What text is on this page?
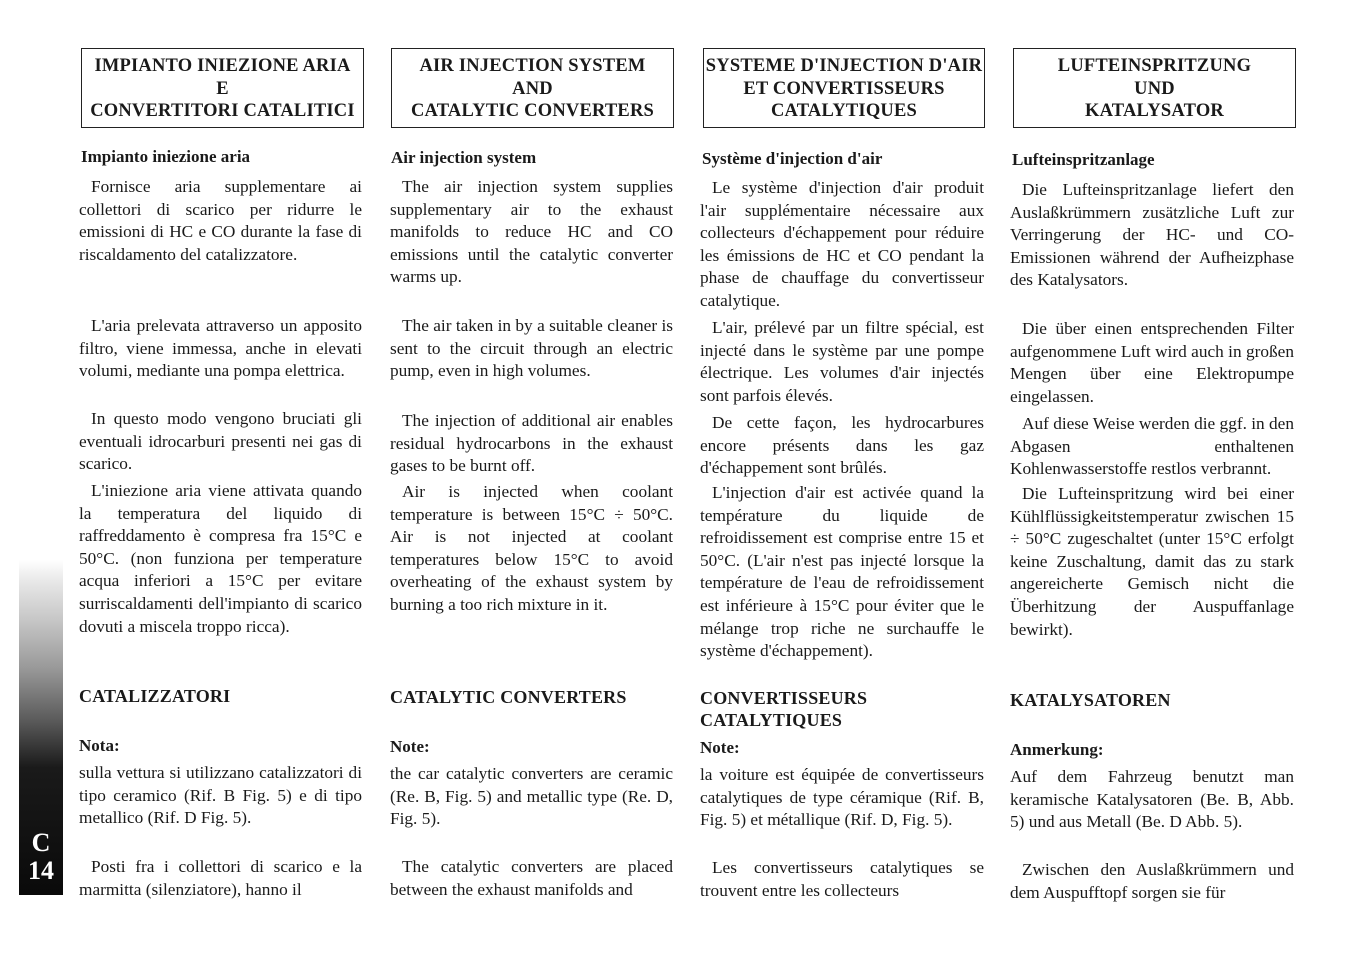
C
14
IMPIANTO INIEZIONE ARIA
E
CONVERTITORI CATALITICI
Impianto iniezione aria

Fornisce aria supplementare ai collettori di scarico per ridurre le emissioni di HC e CO durante la fase di riscaldamento del catalizzatore.

L'aria prelevata attraverso un apposito filtro, viene immessa, anche in elevati volumi, mediante una pompa elettrica.

In questo modo vengono bruciati gli eventuali idrocarburi presenti nei gas di scarico.

L'iniezione aria viene attivata quando la temperatura del liquido di raffreddamento è compresa fra 15°C e 50°C. (non funziona per temperature acqua inferiori a 15°C per evitare surriscaldamenti dell'impianto di scarico dovuti a miscela troppo ricca).

CATALIZZATORI
Nota:

sulla vettura si utilizzano catalizzatori di tipo ceramico (Rif. B Fig. 5) e di tipo metallico (Rif. D Fig. 5).

Posti fra i collettori di scarico e la marmitta (silenziatore), hanno il

AIR INJECTION SYSTEM
AND
CATALYTIC CONVERTERS
Air injection system

The air injection system supplies supplementary air to the exhaust manifolds to reduce HC and CO emissions until the catalytic converter warms up.

The air taken in by a suitable cleaner is sent to the circuit through an electric pump, even in high volumes.

The injection of additional air enables residual hydrocarbons in the exhaust gases to be burnt off.

Air is injected when coolant temperature is between 15°C ÷ 50°C. Air is not injected at coolant temperatures below 15°C to avoid overheating of the exhaust system by burning a too rich mixture in it.

CATALYTIC CONVERTERS
Note:

the car catalytic converters are ceramic (Re. B, Fig. 5) and metallic type (Re. D, Fig. 5).

The catalytic converters are placed between the exhaust manifolds and

SYSTEME D'INJECTION D'AIR
ET CONVERTISSEURS
CATALYTIQUES
Système d'injection d'air

Le système d'injection d'air produit l'air supplémentaire nécessaire aux collecteurs d'échappement pour réduire les émissions de HC et CO pendant la phase de chauffage du convertisseur catalytique.

L'air, prélevé par un filtre spécial, est injecté dans le système par une pompe électrique. Les volumes d'air injectés sont parfois élevés.

De cette façon, les hydrocarbures encore présents dans les gaz d'échappement sont brûlés.

L'injection d'air est activée quand la température du liquide de refroidissement est comprise entre 15 et 50°C. (L'air n'est pas injecté lorsque la température de l'eau de refroidissement est inférieure à 15°C pour éviter que le mélange trop riche ne surchauffe le système d'échappement).

CONVERTISSEURS CATALYTIQUES
Note:

la voiture est équipée de convertisseurs catalytiques de type céramique (Rif. B, Fig. 5) et métallique (Rif. D, Fig. 5).

Les convertisseurs catalytiques se trouvent entre les collecteurs

LUFTEINSPRITZUNG
UND
KATALYSATOR
Lufteinspritzanlage

Die Lufteinspritzanlage liefert den Auslaßkrümmern zusätzliche Luft zur Verringerung der HC- und CO-Emissionen während der Aufheizphase des Katalysators.

Die über einen entsprechenden Filter aufgenommene Luft wird auch in großen Mengen über eine Elektropumpe eingelassen.

Auf diese Weise werden die ggf. in den Abgasen enthaltenen Kohlenwasserstoffe restlos verbrannt.

Die Lufteinspritzung wird bei einer Kühlflüssigkeitstemperatur zwischen 15 ÷ 50°C zugeschaltet (unter 15°C erfolgt keine Zuschaltung, damit das zu stark angereicherte Gemisch nicht die Überhitzung der Auspuffanlage bewirkt).

KATALYSATOREN
Anmerkung:

Auf dem Fahrzeug benutzt man keramische Katalysatoren (Be. B, Abb. 5) und aus Metall (Be. D Abb. 5).

Zwischen den Auslaßkrümmern und dem Auspufftopf sorgen sie für
